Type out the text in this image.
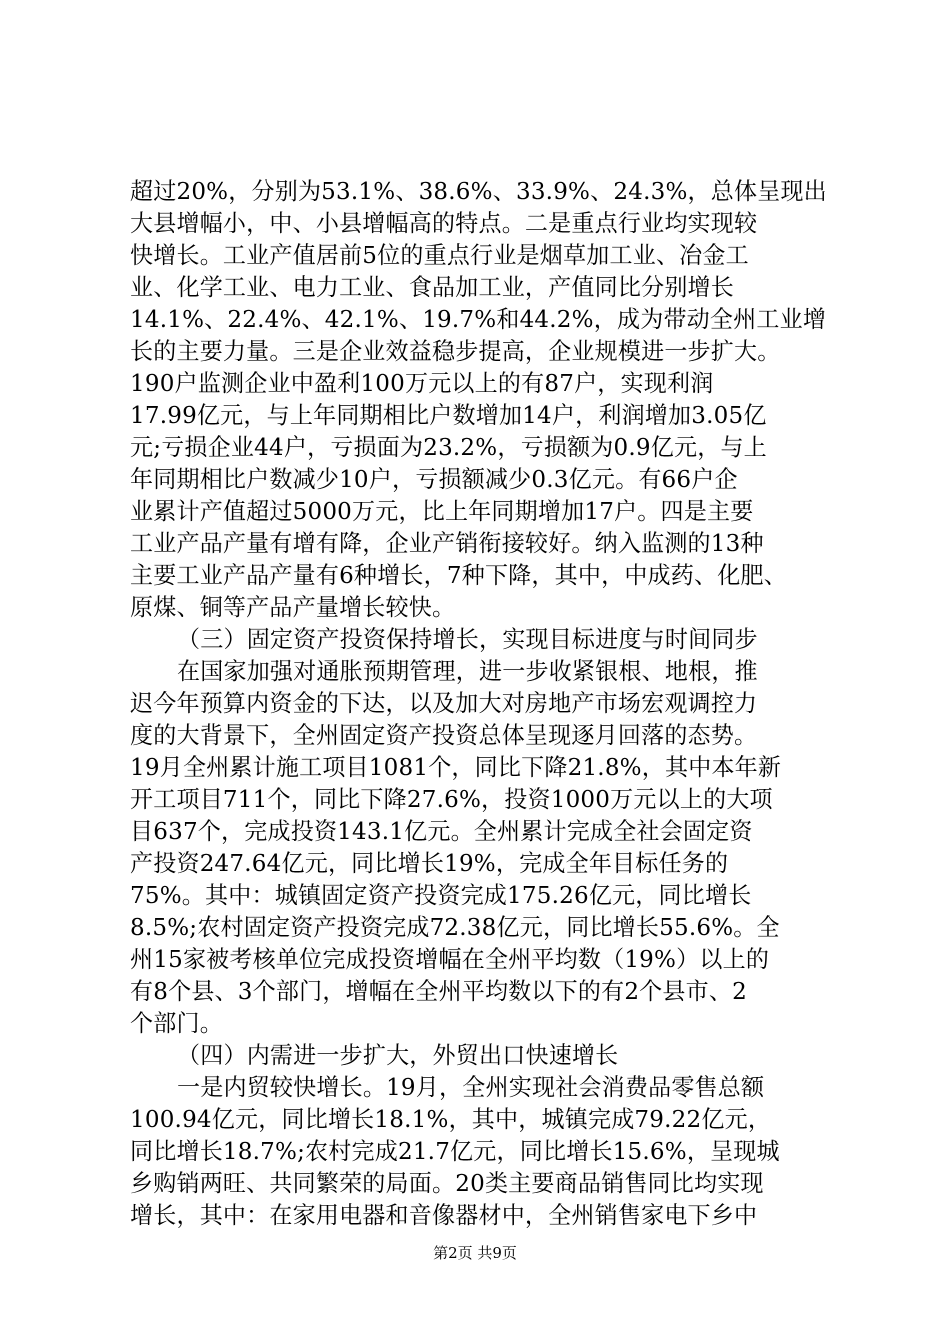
超过20%，分别为53.1%、38.6%、33.9%、24.3%，总体呈现出
大县增幅小，中、小县增幅高的特点。二是重点行业均实现较
快增长。工业产值居前5位的重点行业是烟草加工业、冶金工
业、化学工业、电力工业、食品加工业，产值同比分别增长
14.1%、22.4%、42.1%、19.7%和44.2%，成为带动全州工业增
长的主要力量。三是企业效益稳步提高，企业规模进一步扩大。
190户监测企业中盈利100万元以上的有87户，实现利润
17.99亿元，与上年同期相比户数增加14户，利润增加3.05亿
元;亏损企业44户，亏损面为23.2%，亏损额为0.9亿元，与上
年同期相比户数减少10户，亏损额减少0.3亿元。有66户企
业累计产值超过5000万元，比上年同期增加17户。四是主要
工业产品产量有增有降，企业产销衔接较好。纳入监测的13种
主要工业产品产量有6种增长，7种下降，其中，中成药、化肥、
原煤、铜等产品产量增长较快。
（三）固定资产投资保持增长，实现目标进度与时间同步
在国家加强对通胀预期管理，进一步收紧银根、地根，推
迟今年预算内资金的下达，以及加大对房地产市场宏观调控力
度的大背景下，全州固定资产投资总体呈现逐月回落的态势。
19月全州累计施工项目1081个，同比下降21.8%，其中本年新
开工项目711个，同比下降27.6%，投资1000万元以上的大项
目637个，完成投资143.1亿元。全州累计完成全社会固定资
产投资247.64亿元，同比增长19%，完成全年目标任务的
75%。其中：城镇固定资产投资完成175.26亿元，同比增长
8.5%;农村固定资产投资完成72.38亿元，同比增长55.6%。全
州15家被考核单位完成投资增幅在全州平均数（19%）以上的
有8个县、3个部门，增幅在全州平均数以下的有2个县市、2
个部门。
（四）内需进一步扩大，外贸出口快速增长
一是内贸较快增长。19月，全州实现社会消费品零售总额
100.94亿元，同比增长18.1%，其中，城镇完成79.22亿元，
同比增长18.7%;农村完成21.7亿元，同比增长15.6%，呈现城
乡购销两旺、共同繁荣的局面。20类主要商品销售同比均实现
增长，其中：在家用电器和音像器材中，全州销售家电下乡中
第2页 共9页
